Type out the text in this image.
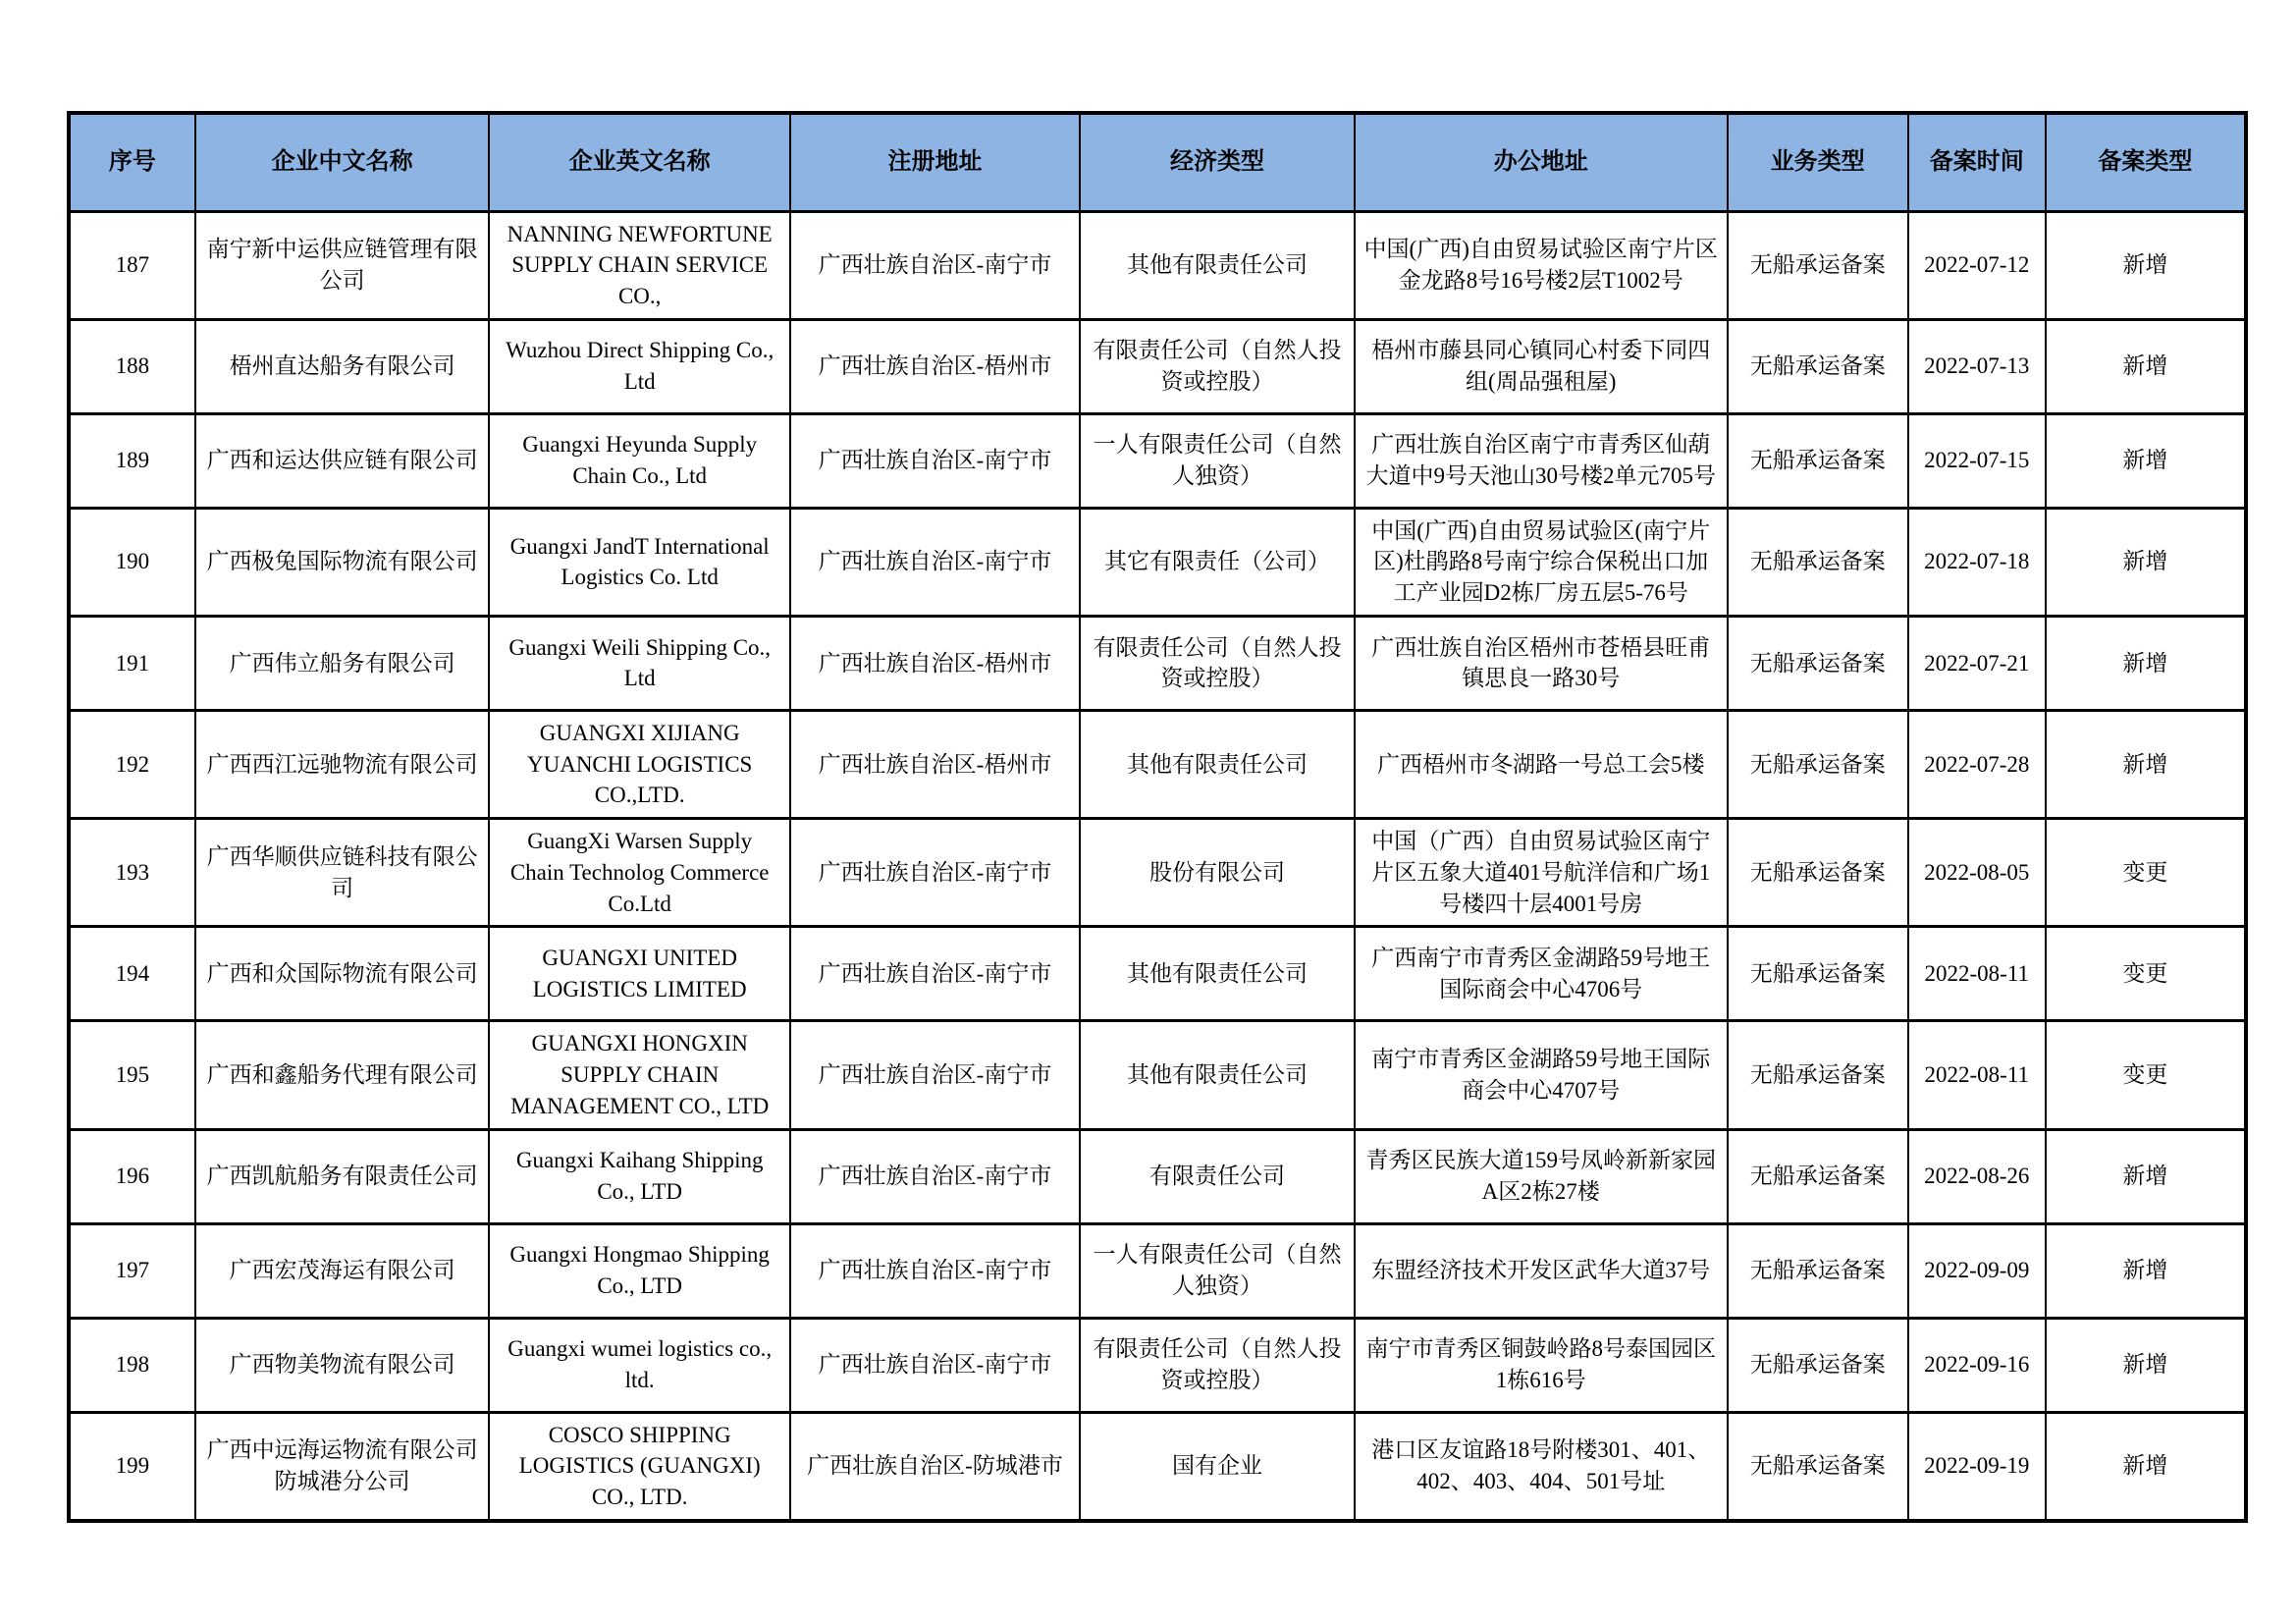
序号	企业中文名称	企业英文名称	注册地址	经济类型	办公地址	业务类型	备案时间	备案类型
187	南宁新中运供应链管理有限公司	NANNING NEWFORTUNE SUPPLY CHAIN SERVICE CO.,	广西壮族自治区-南宁市	其他有限责任公司	中国(广西)自由贸易试验区南宁片区金龙路8号16号楼2层T1002号	无船承运备案	2022-07-12	新增
188	梧州直达船务有限公司	Wuzhou Direct Shipping Co., Ltd	广西壮族自治区-梧州市	有限责任公司（自然人投资或控股）	梧州市藤县同心镇同心村委下同四组(周品强租屋)	无船承运备案	2022-07-13	新增
189	广西和运达供应链有限公司	Guangxi Heyunda Supply Chain Co., Ltd	广西壮族自治区-南宁市	一人有限责任公司（自然人独资）	广西壮族自治区南宁市青秀区仙葫大道中9号天池山30号楼2单元705号	无船承运备案	2022-07-15	新增
190	广西极兔国际物流有限公司	Guangxi JandT International Logistics Co. Ltd	广西壮族自治区-南宁市	其它有限责任（公司）	中国(广西)自由贸易试验区(南宁片区)杜鹃路8号南宁综合保税出口加工产业园D2栋厂房五层5-76号	无船承运备案	2022-07-18	新增
191	广西伟立船务有限公司	Guangxi Weili Shipping Co., Ltd	广西壮族自治区-梧州市	有限责任公司（自然人投资或控股）	广西壮族自治区梧州市苍梧县旺甫镇思良一路30号	无船承运备案	2022-07-21	新增
192	广西西江远驰物流有限公司	GUANGXI XIJIANG YUANCHI LOGISTICS CO.,LTD.	广西壮族自治区-梧州市	其他有限责任公司	广西梧州市冬湖路一号总工会5楼	无船承运备案	2022-07-28	新增
193	广西华顺供应链科技有限公司	GuangXi Warsen Supply Chain Technolog Commerce Co.Ltd	广西壮族自治区-南宁市	股份有限公司	中国（广西）自由贸易试验区南宁片区五象大道401号航洋信和广场1号楼四十层4001号房	无船承运备案	2022-08-05	变更
194	广西和众国际物流有限公司	GUANGXI UNITED LOGISTICS LIMITED	广西壮族自治区-南宁市	其他有限责任公司	广西南宁市青秀区金湖路59号地王国际商会中心4706号	无船承运备案	2022-08-11	变更
195	广西和鑫船务代理有限公司	GUANGXI HONGXIN SUPPLY CHAIN MANAGEMENT CO., LTD	广西壮族自治区-南宁市	其他有限责任公司	南宁市青秀区金湖路59号地王国际商会中心4707号	无船承运备案	2022-08-11	变更
196	广西凯航船务有限责任公司	Guangxi Kaihang Shipping Co., LTD	广西壮族自治区-南宁市	有限责任公司	青秀区民族大道159号凤岭新新家园A区2栋27楼	无船承运备案	2022-08-26	新增
197	广西宏茂海运有限公司	Guangxi Hongmao Shipping Co., LTD	广西壮族自治区-南宁市	一人有限责任公司（自然人独资）	东盟经济技术开发区武华大道37号	无船承运备案	2022-09-09	新增
198	广西物美物流有限公司	Guangxi wumei logistics co., ltd.	广西壮族自治区-南宁市	有限责任公司（自然人投资或控股）	南宁市青秀区铜鼓岭路8号泰国园区1栋616号	无船承运备案	2022-09-16	新增
199	广西中远海运物流有限公司防城港分公司	COSCO SHIPPING LOGISTICS (GUANGXI) CO., LTD.	广西壮族自治区-防城港市	国有企业	港口区友谊路18号附楼301、401、402、403、404、501号址	无船承运备案	2022-09-19	新增
